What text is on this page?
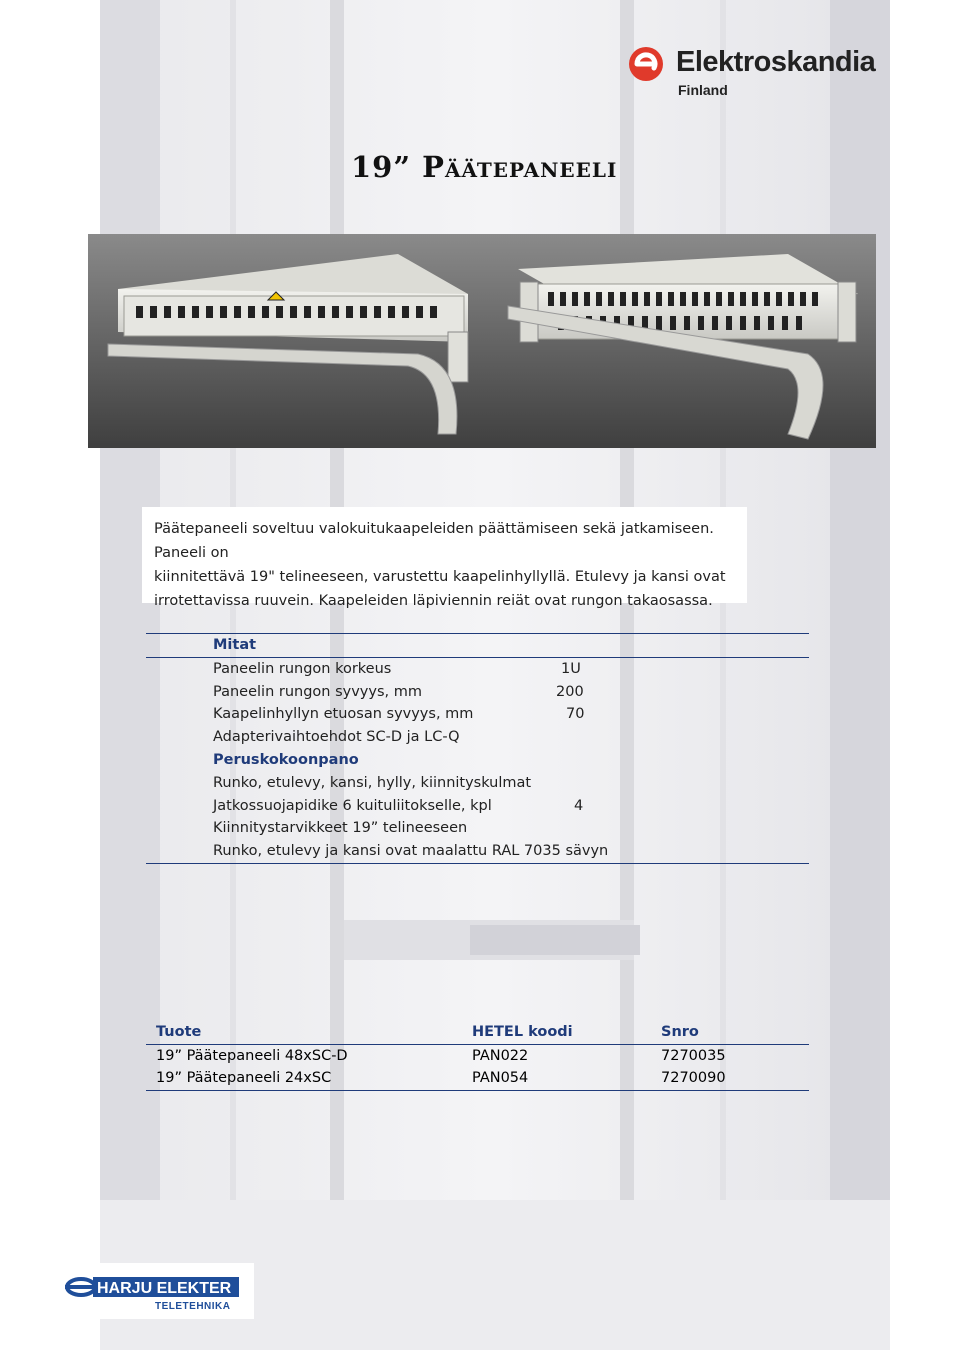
Elektroskandia
Finland
19” Päätepaneeli

Päätepaneeli soveltuu valokuitukaapeleiden päättämiseen sekä jatkamiseen. Paneeli on

kiinnitettävä 19" telineeseen, varustettu kaapelinhyllyllä. Etulevy ja kansi ovat

irrotettavissa ruuvein. Kaapeleiden läpiviennin reiät ovat rungon takaosassa.

Mitat
Paneelin rungon korkeus	1U
Paneelin rungon syvyys, mm	200
Kaapelinhyllyn etuosan syvyys, mm	70
Adapterivaihtoehdot SC-D ja LC-Q
Peruskokoonpano
Runko, etulevy, kansi, hylly, kiinnityskulmat
Jatkossuojapidike 6 kuituliitokselle, kpl	4
Kiinnitystarvikkeet 19” telineeseen
Runko, etulevy ja kansi ovat maalattu RAL 7035 sävyn
Tuote	HETEL koodi	Snro
19” Päätepaneeli 48xSC-D	PAN022	7270035
19” Päätepaneeli 24xSC	PAN054	7270090
HARJU ELEKTER
TELETEHNIKA
